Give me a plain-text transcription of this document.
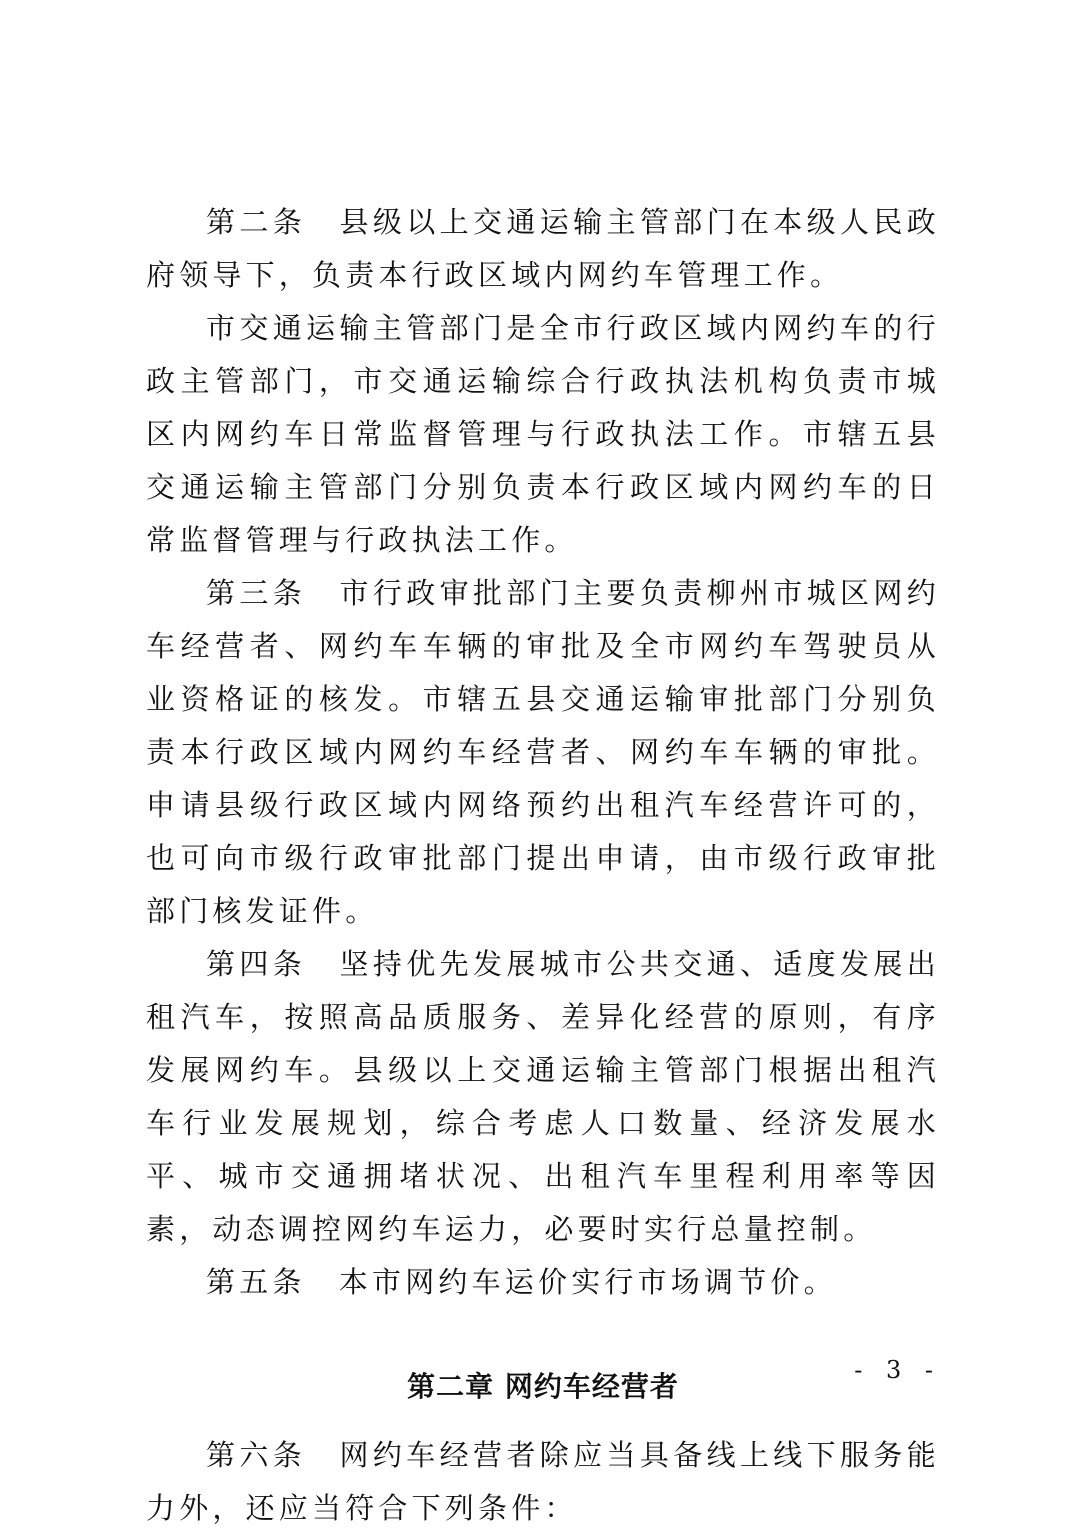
第二条　县级以上交通运输主管部门在本级人民政府领导下，负责本行政区域内网约车管理工作。

市交通运输主管部门是全市行政区域内网约车的行政主管部门，市交通运输综合行政执法机构负责市城区内网约车日常监督管理与行政执法工作。市辖五县交通运输主管部门分别负责本行政区域内网约车的日常监督管理与行政执法工作。

第三条　市行政审批部门主要负责柳州市城区网约车经营者、网约车车辆的审批及全市网约车驾驶员从业资格证的核发。市辖五县交通运输审批部门分别负责本行政区域内网约车经营者、网约车车辆的审批。申请县级行政区域内网络预约出租汽车经营许可的，也可向市级行政审批部门提出申请，由市级行政审批部门核发证件。

第四条　坚持优先发展城市公共交通、适度发展出租汽车，按照高品质服务、差异化经营的原则，有序发展网约车。县级以上交通运输主管部门根据出租汽车行业发展规划，综合考虑人口数量、经济发展水平、城市交通拥堵状况、出租汽车里程利用率等因素，动态调控网约车运力，必要时实行总量控制。

第五条　本市网约车运价实行市场调节价。

第二章 网约车经营者

第六条　网约车经营者除应当具备线上线下服务能力外，还应当符合下列条件：

- 3 -
